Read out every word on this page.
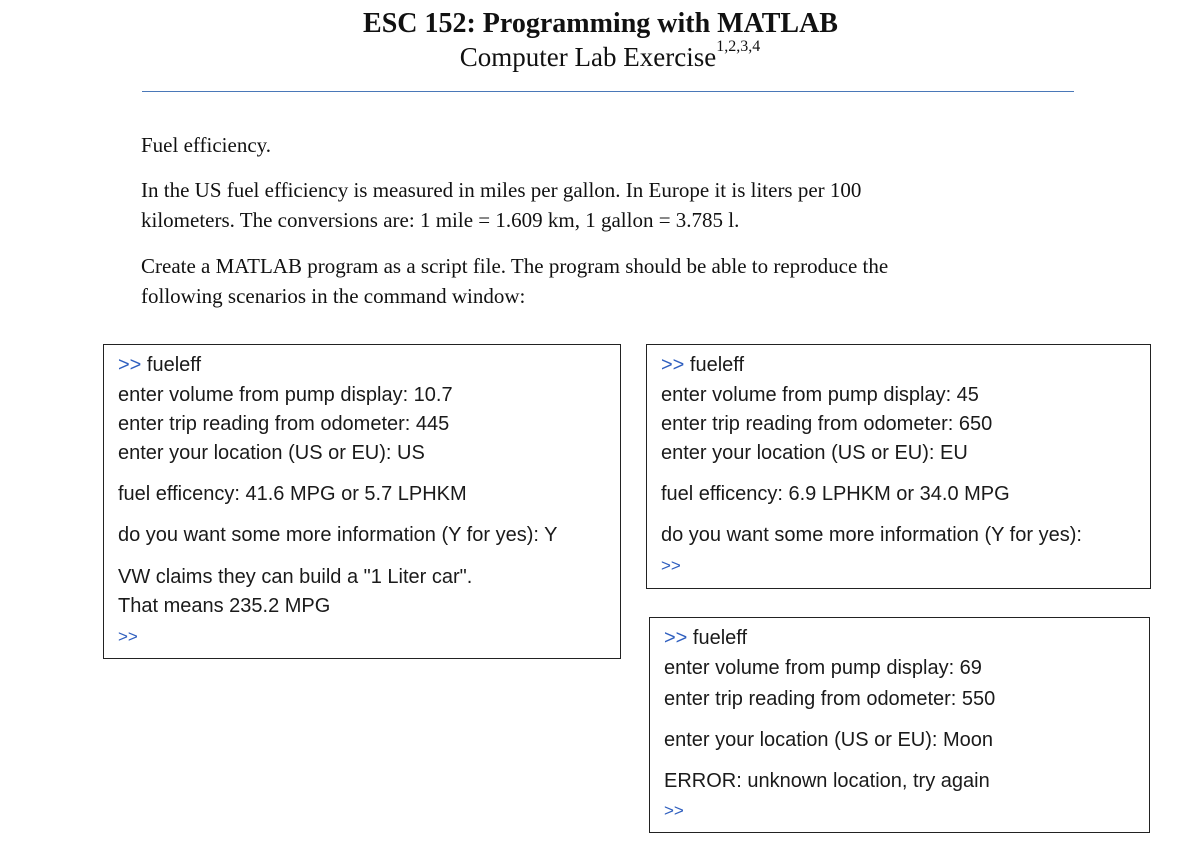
ESC 152: Programming with MATLAB
Computer Lab Exercise$^{1,2,3,4}$
Fuel efficiency.
In the US fuel efficiency is measured in miles per gallon. In Europe it is liters per 100
kilometers. The conversions are: 1 mile = 1.609 km, 1 gallon = 3.785 l.
Create a MATLAB program as a script file. The program should be able to reproduce the
following scenarios in the command window:
>> fueleff
enter volume from pump display: 10.7
enter trip reading from odometer: 445
enter your location (US or EU): US
fuel efficency: 41.6 MPG or 5.7 LPHKM
do you want some more information (Y for yes): Y
VW claims they can build a "1 Liter car".
That means 235.2 MPG
>>
>> fueleff
enter volume from pump display: 45
enter trip reading from odometer: 650
enter your location (US or EU): EU
fuel efficency: 6.9 LPHKM or 34.0 MPG
do you want some more information (Y for yes):
>>
>> fueleff
enter volume from pump display: 69
enter trip reading from odometer: 550
enter your location (US or EU): Moon
ERROR: unknown location, try again
>>
